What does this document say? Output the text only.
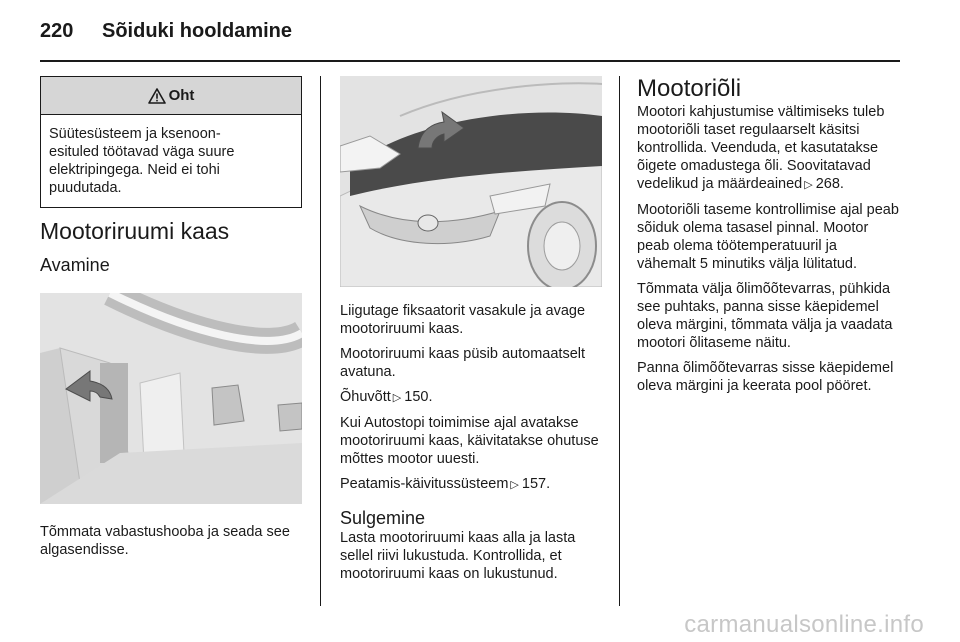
220	Sõiduki hooldamine
Oht
Süütesüsteem ja ksenoon-
esituled töötavad väga suure
elektripingega. Neid ei tohi
puudutada.
Mootoriruumi kaas
Avamine

Tõmmata vabastushooba ja seada see algasendisse.

Liigutage fiksaatorit vasakule ja avage mootoriruumi kaas.

Mootoriruumi kaas püsib automaatselt avatuna.

Õhuvõtt ▷ 150.

Kui Autostopi toimimise ajal avatakse mootoriruumi kaas, käivitatakse ohutuse mõttes mootor uuesti.

Peatamis-käivitussüsteem ▷ 157.

Sulgemine

Lasta mootoriruumi kaas alla ja lasta sellel riivi lukustuda. Kontrollida, et mootoriruumi kaas on lukustunud.

Mootoriõli

Mootori kahjustumise vältimiseks tuleb mootoriõli taset regulaarselt käsitsi kontrollida. Veenduda, et kasutatakse õigete omadustega õli. Soovitatavad vedelikud ja määrdeained ▷ 268.

Mootoriõli taseme kontrollimise ajal peab sõiduk olema tasasel pinnal. Mootor peab olema töötemperatuuril ja vähemalt 5 minutiks välja lülitatud.

Tõmmata välja õlimõõtevarras, pühkida see puhtaks, panna sisse käepidemel oleva märgini, tõmmata välja ja vaadata mootori õlitaseme näitu.

Panna õlimõõtevarras sisse käepidemel oleva märgini ja keerata pool pööret.

carmanualsonline.info
